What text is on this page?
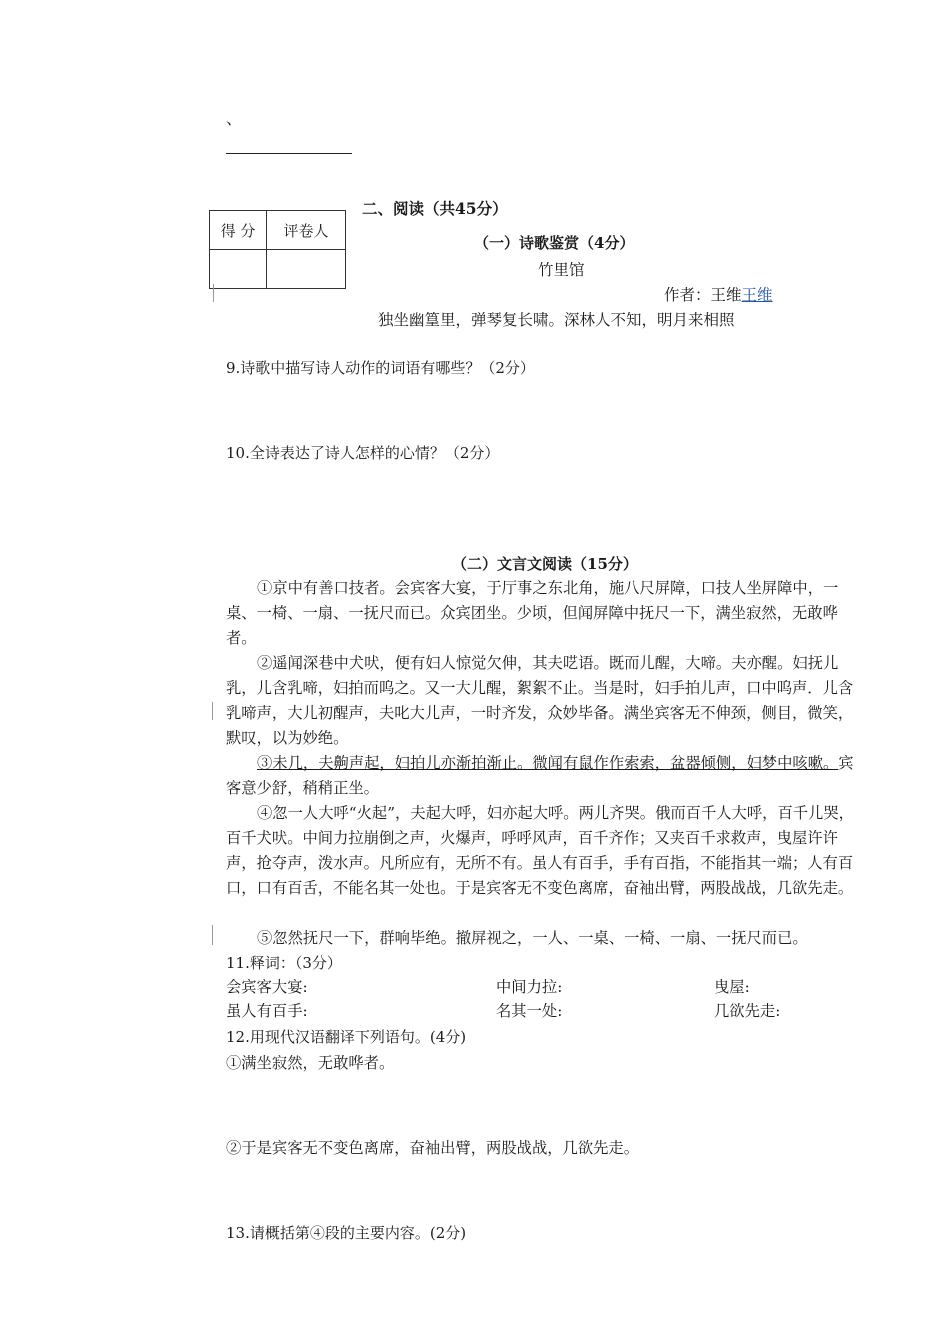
、
得 分	评卷人

二、阅读（共45分）
（一）诗歌鉴赏（4分）
竹里馆
作者：王维王维
独坐幽篁里，弹琴复长啸。深林人不知，明月来相照
9.诗歌中描写诗人动作的词语有哪些？（2分）
10.全诗表达了诗人怎样的心情？（2分）
（二）文言文阅读（15分）
①京中有善口技者。会宾客大宴，于厅事之东北角，施八尺屏障，口技人坐屏障中，一桌、一椅、一扇、一抚尺而已。众宾团坐。少顷，但闻屏障中抚尺一下，满坐寂然，无敢哗者。
②遥闻深巷中犬吠，便有妇人惊觉欠伸，其夫呓语。既而儿醒，大啼。夫亦醒。妇抚儿乳，儿含乳啼，妇拍而呜之。又一大儿醒，絮絮不止。当是时，妇手拍儿声，口中呜声．儿含乳啼声，大儿初醒声，夫叱大儿声，一时齐发，众妙毕备。满坐宾客无不伸颈，侧目，微笑，默叹，以为妙绝。
③未几，夫齁声起，妇拍儿亦渐拍渐止。微闻有鼠作作索索，盆器倾侧，妇梦中咳嗽。宾客意少舒，稍稍正坐。
④忽一人大呼“火起”，夫起大呼，妇亦起大呼。两儿齐哭。俄而百千人大呼，百千儿哭，百千犬吠。中间力拉崩倒之声，火爆声，呼呼风声，百千齐作；又夹百千求救声，曳屋许许声，抢夺声，泼水声。凡所应有，无所不有。虽人有百手，手有百指，不能指其一端；人有百口，口有百舌，不能名其一处也。于是宾客无不变色离席，奋袖出臂，两股战战，几欲先走。
⑤忽然抚尺一下，群响毕绝。撤屏视之，一人、一桌、一椅、一扇、一抚尺而已。
11.释词：（3分）
会宾客大宴:	中间力拉:	曳屋:
虽人有百手:	名其一处:	几欲先走:
12.用现代汉语翻译下列语句。(4分)
①满坐寂然，无敢哗者。
②于是宾客无不变色离席，奋袖出臂，两股战战，几欲先走。
13.请概括第④段的主要内容。(2分)
